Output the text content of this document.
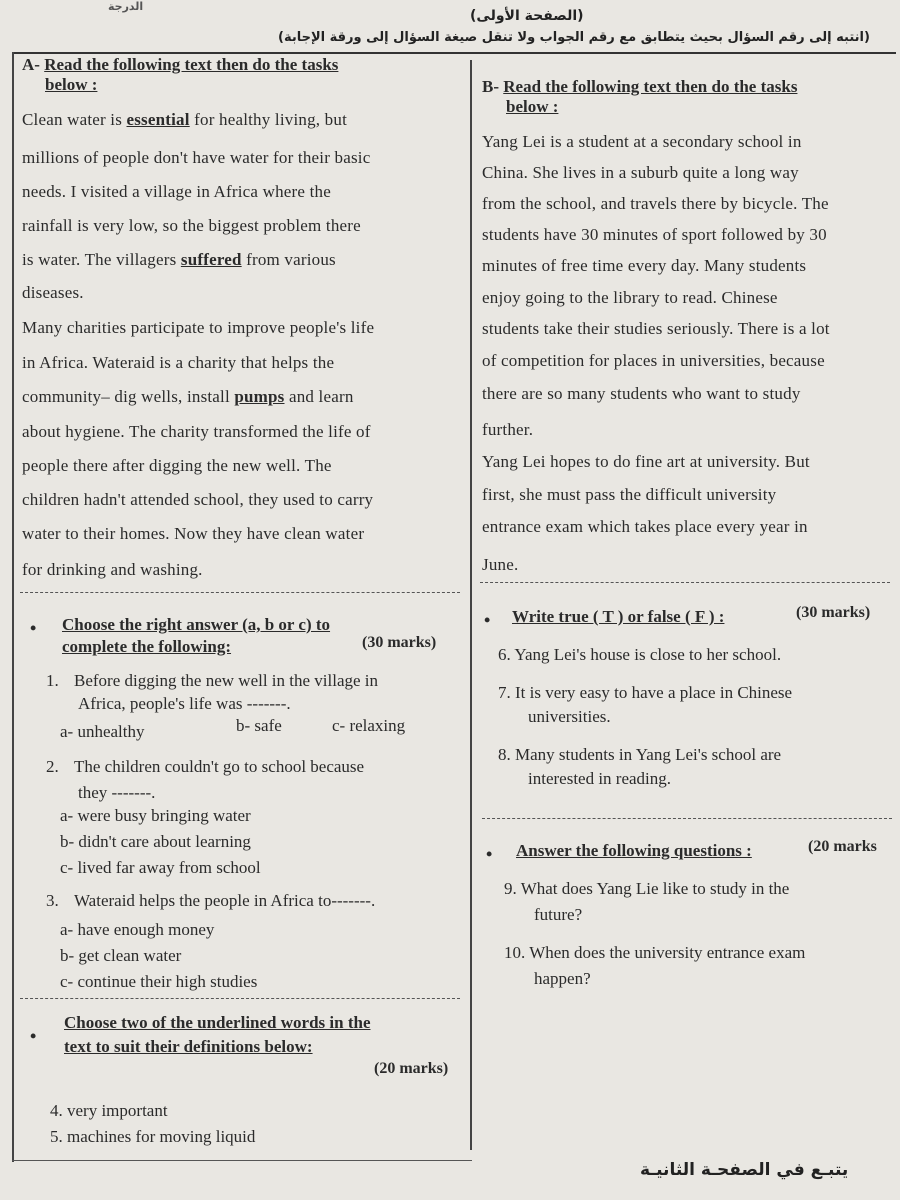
الدرجة
(الصفحة الأولى)
(انتبه إلى رقم السؤال بحيث يتطابق مع رقم الجواب ولا تنقل صيغة السؤال إلى ورقة الإجابة)
A- Read the following text then do the tasks
below :
Clean water is essential for healthy living, but
millions of people don't have water for their basic
needs. I visited a village in Africa where the
rainfall is very low, so the biggest problem there
is water. The villagers suffered from various
diseases.
Many charities participate to improve people's life
in Africa. Wateraid is a charity that helps the
community– dig wells, install pumps and learn
about hygiene. The charity transformed the life of
people there after digging the new well. The
children hadn't attended school, they used to carry
water to their homes. Now they have clean water
for drinking and washing.
• Choose the right answer (a, b or c) to
complete the following:	(30 marks)
1. Before digging the new well in the village in
Africa, people's life was -------.
a- unhealthy	b- safe	c- relaxing
2. The children couldn't go to school because
they -------.
a- were busy bringing water
b- didn't care about learning
c- lived far away from school
3. Wateraid helps the people in Africa to-------.
a- have enough money
b- get clean water
c- continue their high studies
•
Choose two of the underlined words in the
text to suit their definitions below:
(20 marks)
4. very important
5. machines for moving liquid
B- Read the following text then do the tasks
below :
Yang Lei is a student at a secondary school in
China. She lives in a suburb quite a long way
from the school, and travels there by bicycle. The
students have 30 minutes of sport followed by 30
minutes of free time every day. Many students
enjoy going to the library to read. Chinese
students take their studies seriously. There is a lot
of competition for places in universities, because
there are so many students who want to study
further.
Yang Lei hopes to do fine art at university. But
first, she must pass the difficult university
entrance exam which takes place every year in
June.
• Write true ( T ) or false ( F ) :	(30 marks)
6. Yang Lei's house is close to her school.
7. It is very easy to have a place in Chinese
universities.
8. Many students in Yang Lei's school are
interested in reading.
• Answer the following questions :	(20 marks
9. What does Yang Lie like to study in the
future?
10. When does the university entrance exam
happen?
يتبـع في الصفحـة الثانيـة
